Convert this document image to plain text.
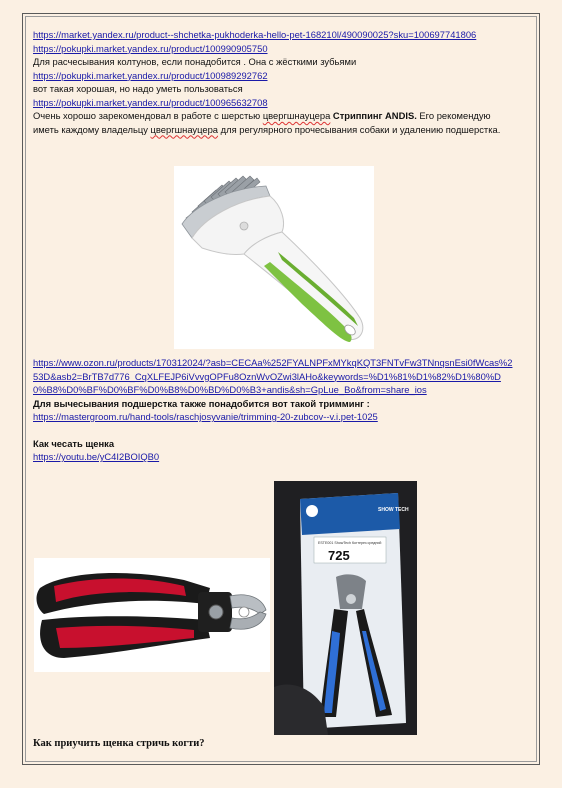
https://market.yandex.ru/product--shchetka-pukhoderka-hello-pet-168210l/490090025?sku=100697741806

https://pokupki.market.yandex.ru/product/100990905750

Для расчесывания колтунов, если понадобится . Она с жёсткими зубьями

https://pokupki.market.yandex.ru/product/100989292762

вот такая хорошая, но надо уметь пользоваться

https://pokupki.market.yandex.ru/product/100965632708

Очень хорошо зарекомендовал в работе с шерстью цвергшнауцера Стриппинг ANDIS. Его рекомендую иметь каждому владельцу цвергшнауцера для регулярного прочесывания собаки и удалению подшерстка.

https://www.ozon.ru/products/170312024/?asb=CECAa%252FYALNPFxMYkqKQT3FNTvFw3TNnqsnEsi0fWcas%253D&asb2=BrTB7d776_CqXLFEJP6iVvvgOPFu8OznWvOZwi3lAHo&keywords=%D1%81%D1%82%D1%80%D0%B8%D0%BF%D0%BF%D0%B8%D0%BD%D0%B3+andis&sh=GpLue_Bo&from=share_ios

Для вычесывания подшерстка также понадобится вот такой тримминг :

https://mastergroom.ru/hand-tools/raschjosyvanie/trimming-20-zubcov--v.i.pet-1025

Как чесать щенка

https://youtu.be/yC4I2BOIQB0

SHOW TECH
ESTE001 ShowTech Когтерез средний
725
Как приучить щенка стричь когти?
